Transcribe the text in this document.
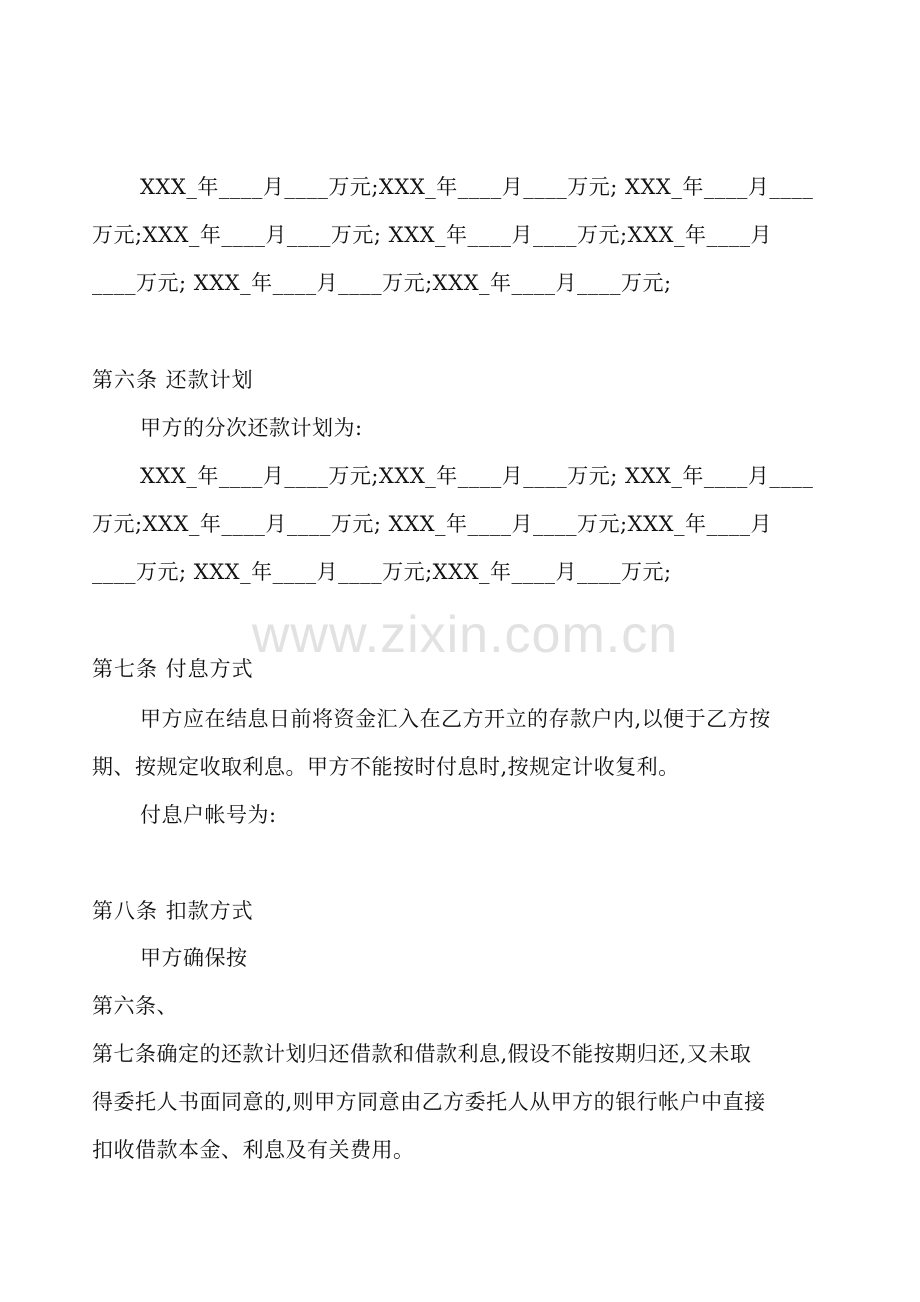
XXX_年____月____万元;XXX_年____月____万元; XXX_年____月____
万元;XXX_年____月____万元; XXX_年____月____万元;XXX_年____月
____万元; XXX_年____月____万元;XXX_年____月____万元;
第六条 还款计划
甲方的分次还款计划为:
XXX_年____月____万元;XXX_年____月____万元; XXX_年____月____
万元;XXX_年____月____万元; XXX_年____月____万元;XXX_年____月
____万元; XXX_年____月____万元;XXX_年____月____万元;
www.zixin.com.cn
第七条 付息方式
甲方应在结息日前将资金汇入在乙方开立的存款户内,以便于乙方按
期、按规定收取利息。甲方不能按时付息时,按规定计收复利。
付息户帐号为:
第八条 扣款方式
甲方确保按
第六条、
第七条确定的还款计划归还借款和借款利息,假设不能按期归还,又未取
得委托人书面同意的,则甲方同意由乙方委托人从甲方的银行帐户中直接
扣收借款本金、利息及有关费用。
